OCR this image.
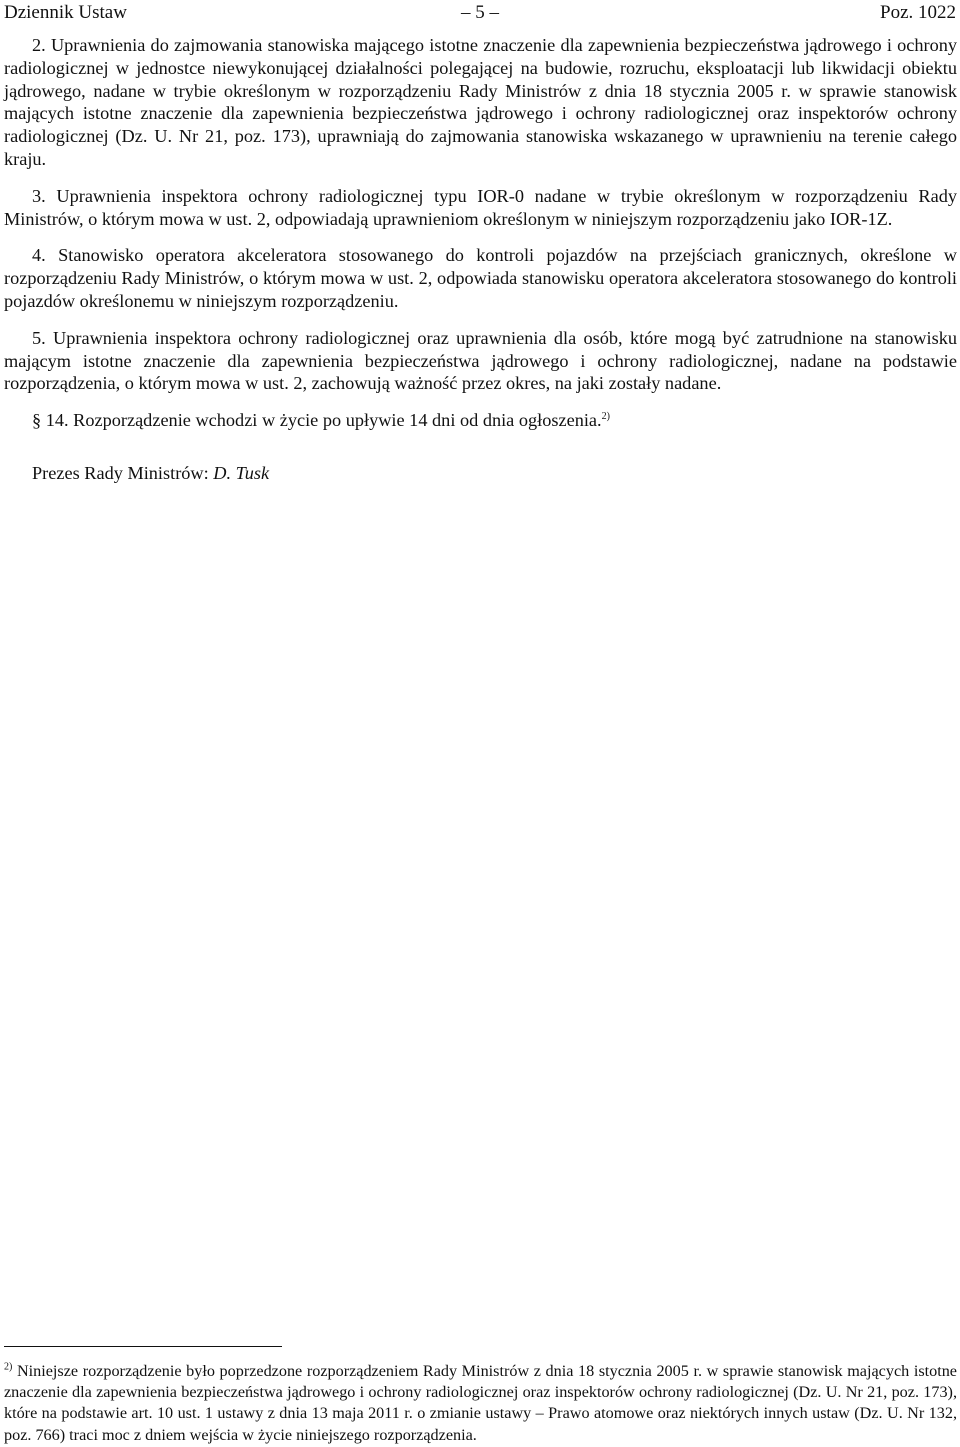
Dziennik Ustaw	– 5 –	Poz. 1022

2. Uprawnienia do zajmowania stanowiska mającego istotne znaczenie dla zapewnienia bezpieczeństwa jądrowego i ochrony radiologicznej w jednostce niewykonującej działalności polegającej na budowie, rozruchu, eksploatacji lub likwidacji obiektu jądrowego, nadane w trybie określonym w rozporządzeniu Rady Ministrów z dnia 18 stycznia 2005 r. w sprawie stanowisk mających istotne znaczenie dla zapewnienia bezpieczeństwa jądrowego i ochrony radiologicznej oraz inspektorów ochrony radiologicznej (Dz. U. Nr 21, poz. 173), uprawniają do zajmowania stanowiska wskazanego w uprawnieniu na terenie całego kraju.

3. Uprawnienia inspektora ochrony radiologicznej typu IOR-0 nadane w trybie określonym w rozporządzeniu Rady Ministrów, o którym mowa w ust. 2, odpowiadają uprawnieniom określonym w niniejszym rozporządzeniu jako IOR-1Z.

4. Stanowisko operatora akceleratora stosowanego do kontroli pojazdów na przejściach granicznych, określone w rozporządzeniu Rady Ministrów, o którym mowa w ust. 2, odpowiada stanowisku operatora akceleratora stosowanego do kontroli pojazdów określonemu w niniejszym rozporządzeniu.

5. Uprawnienia inspektora ochrony radiologicznej oraz uprawnienia dla osób, które mogą być zatrudnione na stanowisku mającym istotne znaczenie dla zapewnienia bezpieczeństwa jądrowego i ochrony radiologicznej, nadane na podstawie rozporządzenia, o którym mowa w ust. 2, zachowują ważność przez okres, na jaki zostały nadane.

§ 14. Rozporządzenie wchodzi w życie po upływie 14 dni od dnia ogłoszenia.$^{2)}$

Prezes Rady Ministrów: D. Tusk

$^{2)}$ Niniejsze rozporządzenie było poprzedzone rozporządzeniem Rady Ministrów z dnia 18 stycznia 2005 r. w sprawie stanowisk mających istotne znaczenie dla zapewnienia bezpieczeństwa jądrowego i ochrony radiologicznej oraz inspektorów ochrony radiologicznej (Dz. U. Nr 21, poz. 173), które na podstawie art. 10 ust. 1 ustawy z dnia 13 maja 2011 r. o zmianie ustawy – Prawo atomowe oraz niektórych innych ustaw (Dz. U. Nr 132, poz. 766) traci moc z dniem wejścia w życie niniejszego rozporządzenia.
